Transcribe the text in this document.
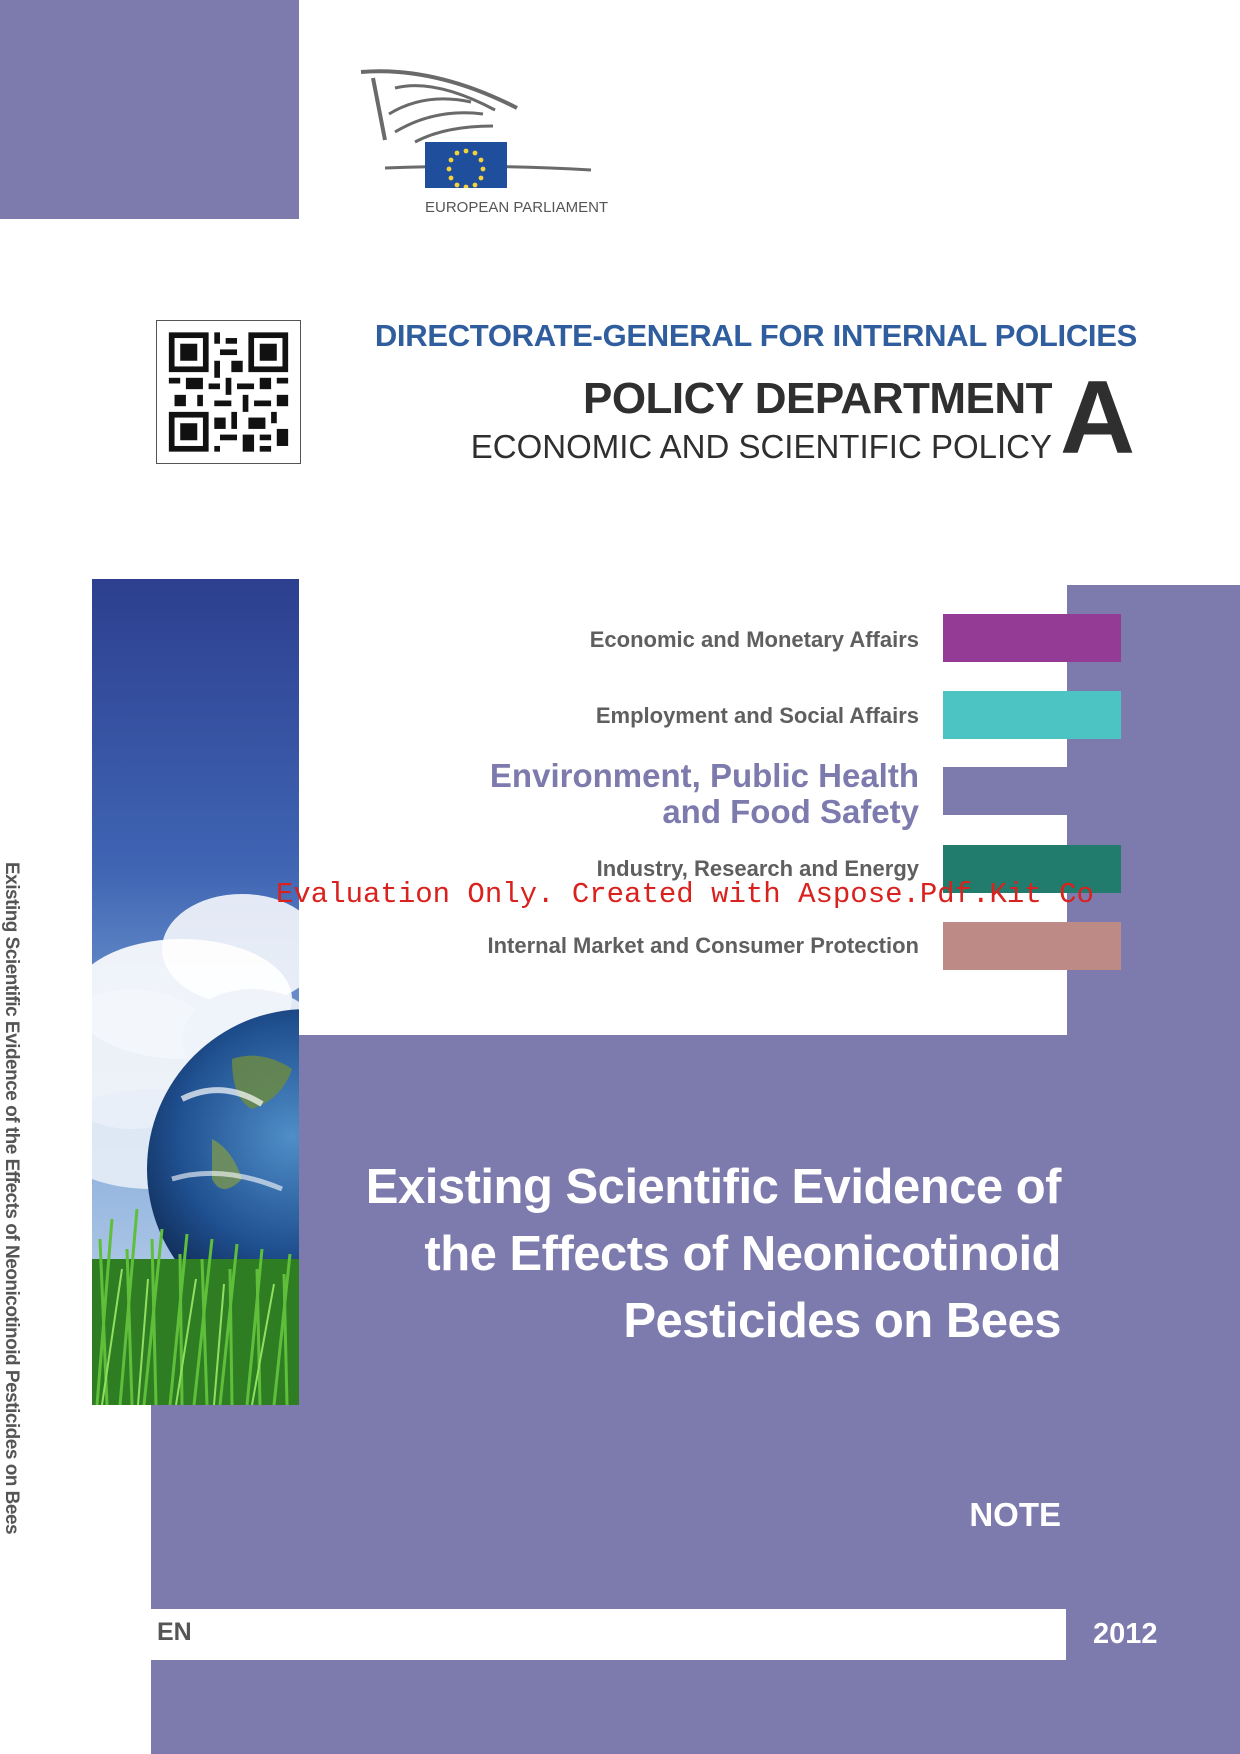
EUROPEAN PARLIAMENT
DIRECTORATE-GENERAL FOR INTERNAL POLICIES
POLICY DEPARTMENT
ECONOMIC AND SCIENTIFIC POLICY A
Economic and Monetary Affairs
Employment and Social Affairs
Environment, Public Health
and Food Safety
Industry, Research and Energy
Internal Market and Consumer Protection
Evaluation Only. Created with Aspose.Pdf.Kit Co
Existing Scientific Evidence of
the Effects of Neonicotinoid
Pesticides on Bees
NOTE
EN	2012
Existing Scientific Evidence of the Effects of Neonicotinoid Pesticides on Bees
